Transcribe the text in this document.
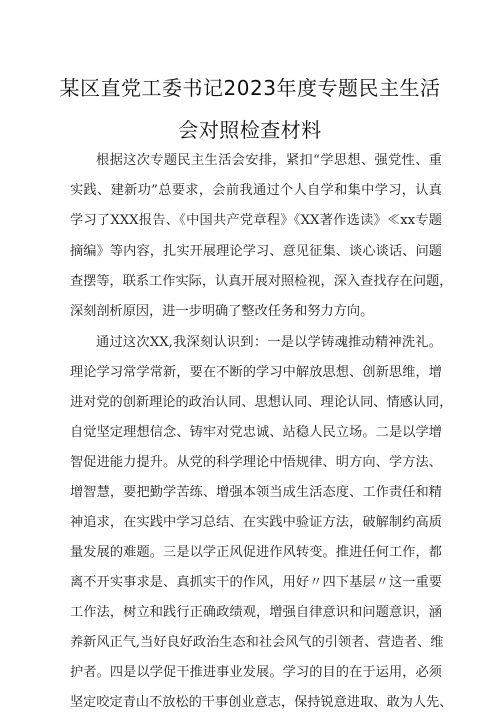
某区直党工委书记2023年度专题民主生活
会对照检查材料
根据这次专题民主生活会安排，紧扣“学思想、强党性、重
实践、建新功”总要求，会前我通过个人自学和集中学习，认真
学习了XXX报告、《中国共产党章程》《XX著作选读》≪xx专题
摘编》等内容，扎实开展理论学习、意见征集、谈心谈话、问题
查摆等，联系工作实际，认真开展对照检视，深入查找存在问题，
深刻剖析原因，进一步明确了整改任务和努力方向。
通过这次XX,我深刻认识到：一是以学铸魂推动精神洗礼。
理论学习常学常新，要在不断的学习中解放思想、创新思维，增
进对党的创新理论的政治认同、思想认同、理论认同、情感认同，
自觉坚定理想信念、铸牢对党忠诚、站稳人民立场。二是以学增
智促进能力提升。从党的科学理论中悟规律、明方向、学方法、
增智慧，要把勤学苦练、增强本领当成生活态度、工作责任和精
神追求，在实践中学习总结、在实践中验证方法，破解制约高质
量发展的难题。三是以学正风促进作风转变。推进任何工作，都
离不开实事求是、真抓实干的作风，用好〃四下基层〃这一重要
工作法，树立和践行正确政绩观，增强自律意识和问题意识，涵
养新风正气,当好良好政治生态和社会风气的引领者、营造者、维
护者。四是以学促干推进事业发展。学习的目的在于运用，必须
坚定咬定青山不放松的干事创业意志，保持锐意进取、敢为人先、
